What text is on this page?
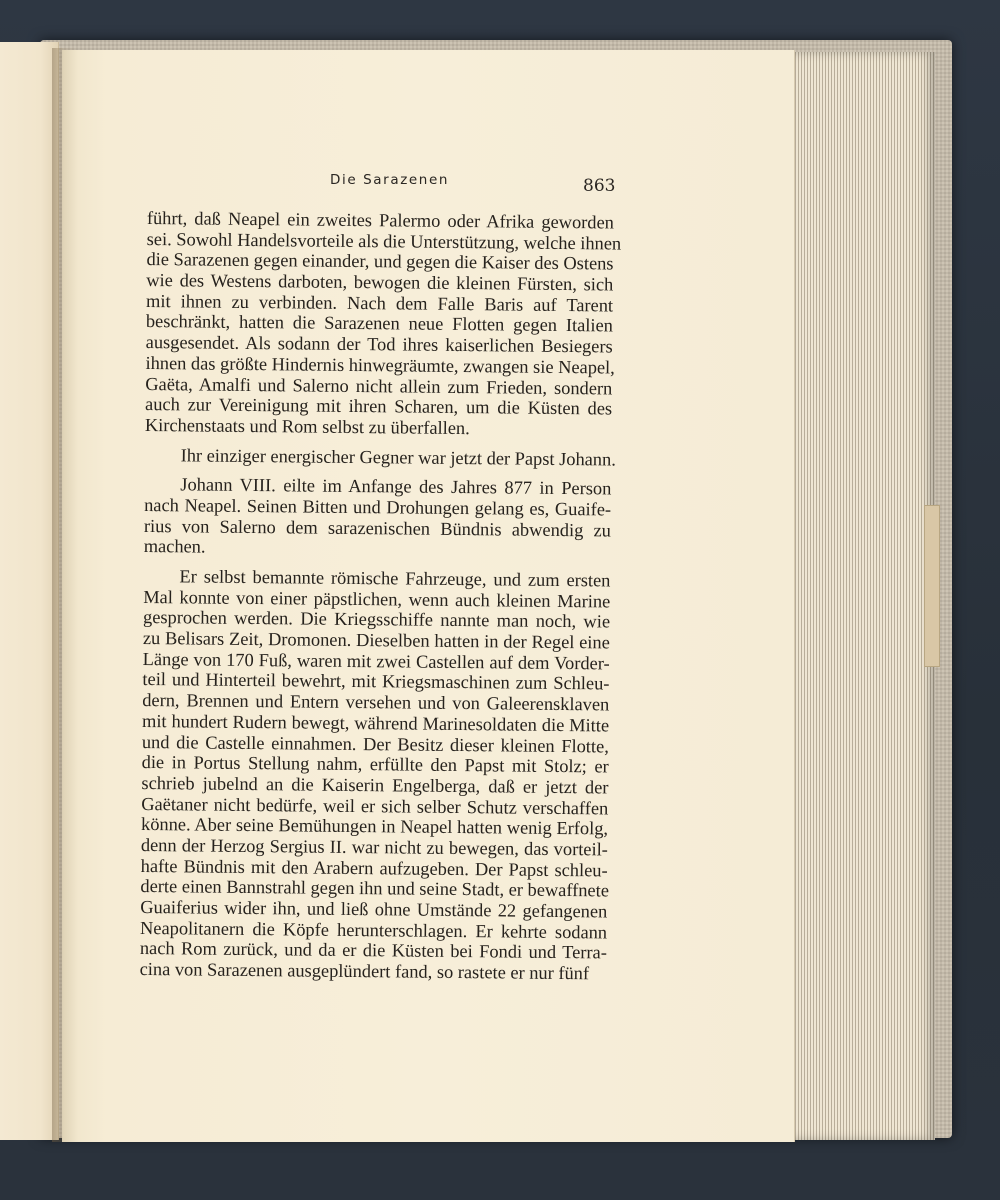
Die Sarazenen	863

führt, daß Neapel ein zweites Palermo oder Afrika geworden
sei. Sowohl Handelsvorteile als die Unterstützung, welche ihnen
die Sarazenen gegen einander, und gegen die Kaiser des Ostens
wie des Westens darboten, bewogen die kleinen Fürsten, sich
mit ihnen zu verbinden. Nach dem Falle Baris auf Tarent
beschränkt, hatten die Sarazenen neue Flotten gegen Italien
ausgesendet. Als sodann der Tod ihres kaiserlichen Besiegers
ihnen das größte Hindernis hinwegräumte, zwangen sie Neapel,
Gaëta, Amalfi und Salerno nicht allein zum Frieden, sondern
auch zur Vereinigung mit ihren Scharen, um die Küsten des
Kirchenstaats und Rom selbst zu überfallen.

Ihr einziger energischer Gegner war jetzt der Papst Johann.

Johann VIII. eilte im Anfange des Jahres 877 in Person
nach Neapel. Seinen Bitten und Drohungen gelang es, Guaife-
rius von Salerno dem sarazenischen Bündnis abwendig zu
machen.

Er selbst bemannte römische Fahrzeuge, und zum ersten
Mal konnte von einer päpstlichen, wenn auch kleinen Marine
gesprochen werden. Die Kriegsschiffe nannte man noch, wie
zu Belisars Zeit, Dromonen. Dieselben hatten in der Regel eine
Länge von 170 Fuß, waren mit zwei Castellen auf dem Vorder-
teil und Hinterteil bewehrt, mit Kriegsmaschinen zum Schleu-
dern, Brennen und Entern versehen und von Galeerensklaven
mit hundert Rudern bewegt, während Marinesoldaten die Mitte
und die Castelle einnahmen. Der Besitz dieser kleinen Flotte,
die in Portus Stellung nahm, erfüllte den Papst mit Stolz; er
schrieb jubelnd an die Kaiserin Engelberga, daß er jetzt der
Gaëtaner nicht bedürfe, weil er sich selber Schutz verschaffen
könne. Aber seine Bemühungen in Neapel hatten wenig Erfolg,
denn der Herzog Sergius II. war nicht zu bewegen, das vorteil-
hafte Bündnis mit den Arabern aufzugeben. Der Papst schleu-
derte einen Bannstrahl gegen ihn und seine Stadt, er bewaffnete
Guaiferius wider ihn, und ließ ohne Umstände 22 gefangenen
Neapolitanern die Köpfe herunterschlagen. Er kehrte sodann
nach Rom zurück, und da er die Küsten bei Fondi und Terra-
cina von Sarazenen ausgeplündert fand, so rastete er nur fünf
